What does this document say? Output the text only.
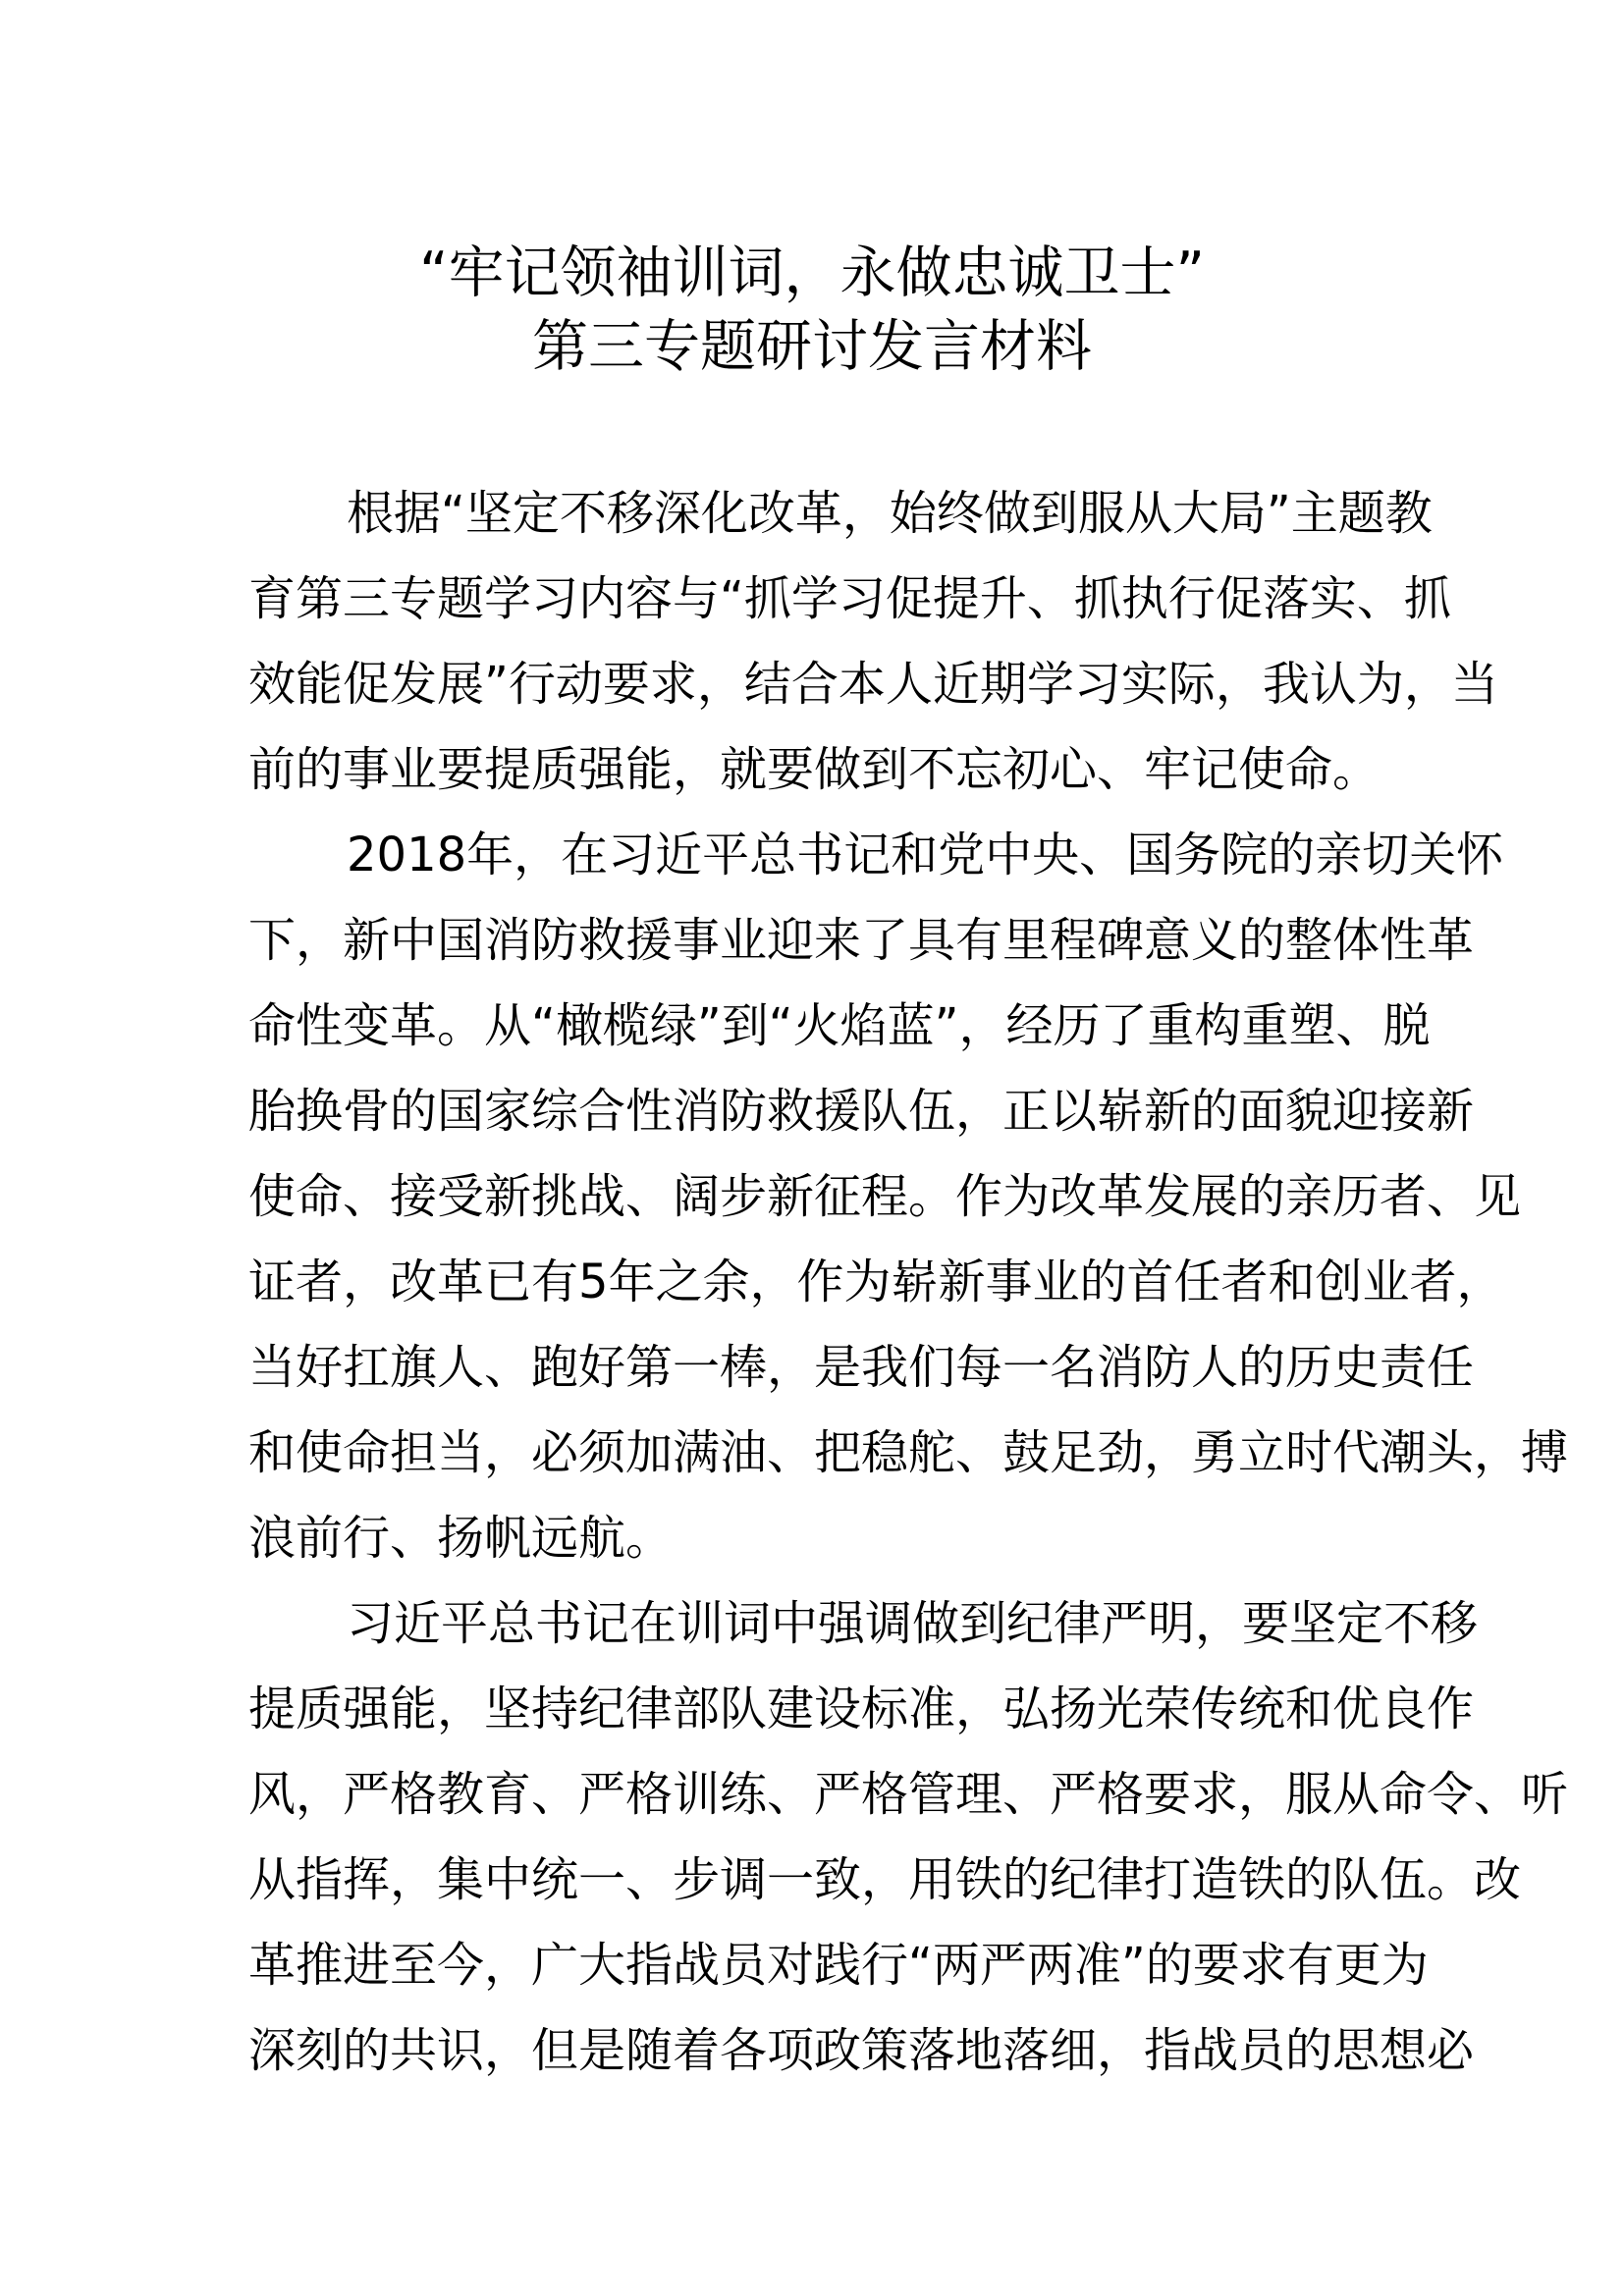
“牢记领袖训词，永做忠诚卫士”
第三专题研讨发言材料
根据“坚定不移深化改革，始终做到服从大局”主题教
育第三专题学习内容与“抓学习促提升、抓执行促落实、抓
效能促发展”行动要求，结合本人近期学习实际，我认为，当
前的事业要提质强能，就要做到不忘初心、牢记使命。
2018年，在习近平总书记和党中央、国务院的亲切关怀
下，新中国消防救援事业迎来了具有里程碑意义的整体性革
命性变革。从“橄榄绿”到“火焰蓝”，经历了重构重塑、脱
胎换骨的国家综合性消防救援队伍，正以崭新的面貌迎接新
使命、接受新挑战、阔步新征程。作为改革发展的亲历者、见
证者，改革已有5年之余，作为崭新事业的首任者和创业者，
当好扛旗人、跑好第一棒，是我们每一名消防人的历史责任
和使命担当，必须加满油、把稳舵、鼓足劲，勇立时代潮头，搏
浪前行、扬帆远航。
习近平总书记在训词中强调做到纪律严明，要坚定不移
提质强能，坚持纪律部队建设标准，弘扬光荣传统和优良作
风，严格教育、严格训练、严格管理、严格要求，服从命令、听
从指挥，集中统一、步调一致，用铁的纪律打造铁的队伍。改
革推进至今，广大指战员对践行“两严两准”的要求有更为
深刻的共识，但是随着各项政策落地落细，指战员的思想必
